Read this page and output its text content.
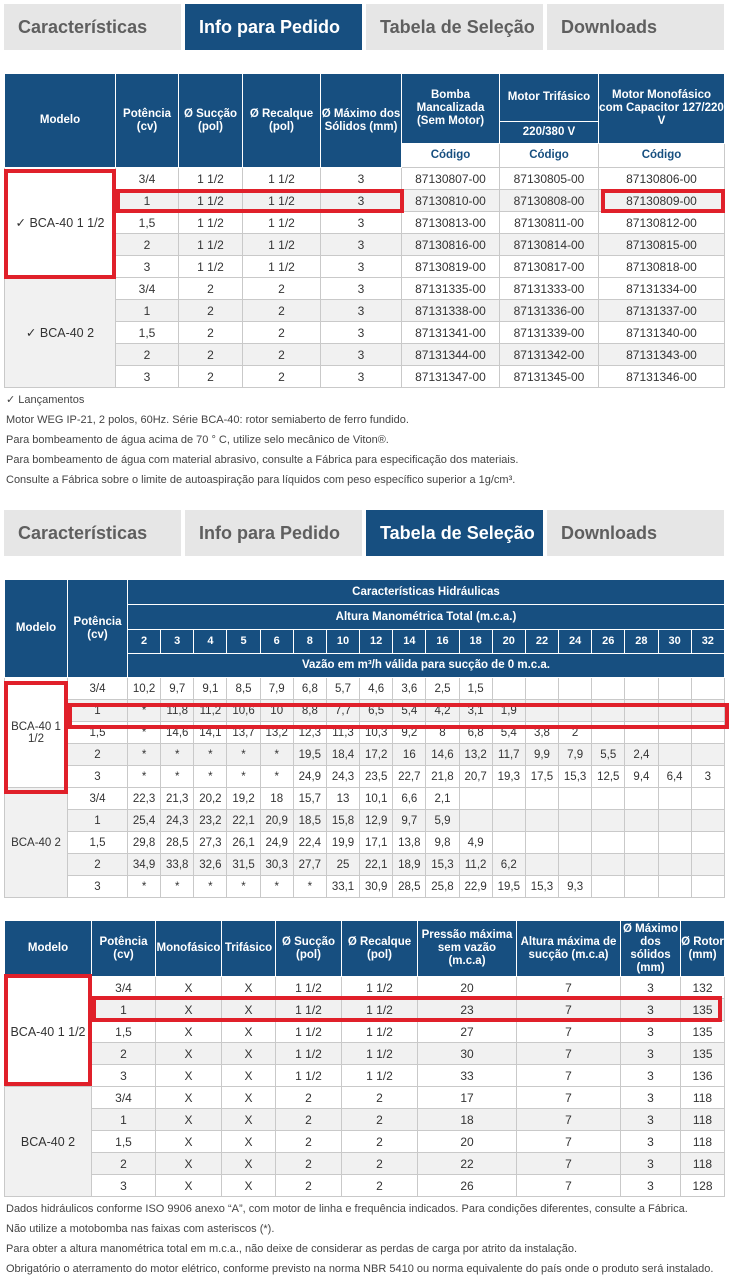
Características	Info para Pedido	Tabela de Seleção	Downloads
Modelo	Potência (cv)	Ø Sucção (pol)	Ø Recalque (pol)	Ø Máximo dos Sólidos (mm)	Bomba Mancalizada (Sem Motor)	Motor Trifásico	Motor Monofásico com Capacitor 127/220 V
						220/380 V	
					Código	Código	Código
✓ BCA-40 1 1/2	3/4	1 1/2	1 1/2	3	87130807-00	87130805-00	87130806-00
	1	1 1/2	1 1/2	3	87130810-00	87130808-00	87130809-00
	1,5	1 1/2	1 1/2	3	87130813-00	87130811-00	87130812-00
	2	1 1/2	1 1/2	3	87130816-00	87130814-00	87130815-00
	3	1 1/2	1 1/2	3	87130819-00	87130817-00	87130818-00
✓ BCA-40 2	3/4	2	2	3	87131335-00	87131333-00	87131334-00
	1	2	2	3	87131338-00	87131336-00	87131337-00
	1,5	2	2	3	87131341-00	87131339-00	87131340-00
	2	2	2	3	87131344-00	87131342-00	87131343-00
	3	2	2	3	87131347-00	87131345-00	87131346-00
✓ Lançamentos
Motor WEG IP-21, 2 polos, 60Hz. Série BCA-40: rotor semiaberto de ferro fundido.
Para bombeamento de água acima de 70 ° C, utilize selo mecânico de Viton®.
Para bombeamento de água com material abrasivo, consulte a Fábrica para especificação dos materiais.
Consulte a Fábrica sobre o limite de autoaspiração para líquidos com peso específico superior a 1g/cm³.
Características	Info para Pedido	Tabela de Seleção	Downloads
Modelo	Potência (cv)	Características Hidráulicas																	
		Altura Manométrica Total (m.c.a.)																	
		2	3	4	5	6	8	10	12	14	16	18	20	22	24	26	28	30	32
		Vazão em m³/h válida para sucção de 0 m.c.a.																	
BCA-40 1 1/2	3/4	10,2	9,7	9,1	8,5	7,9	6,8	5,7	4,6	3,6	2,5	1,5							
	1	*	11,8	11,2	10,6	10	8,8	7,7	6,5	5,4	4,2	3,1	1,9						
	1,5	*	14,6	14,1	13,7	13,2	12,3	11,3	10,3	9,2	8	6,8	5,4	3,8	2				
	2	*	*	*	*	*	19,5	18,4	17,2	16	14,6	13,2	11,7	9,9	7,9	5,5	2,4		
	3	*	*	*	*	*	24,9	24,3	23,5	22,7	21,8	20,7	19,3	17,5	15,3	12,5	9,4	6,4	3
BCA-40 2	3/4	22,3	21,3	20,2	19,2	18	15,7	13	10,1	6,6	2,1								
	1	25,4	24,3	23,2	22,1	20,9	18,5	15,8	12,9	9,7	5,9								
	1,5	29,8	28,5	27,3	26,1	24,9	22,4	19,9	17,1	13,8	9,8	4,9							
	2	34,9	33,8	32,6	31,5	30,3	27,7	25	22,1	18,9	15,3	11,2	6,2						
	3	*	*	*	*	*	*	33,1	30,9	28,5	25,8	22,9	19,5	15,3	9,3				
Modelo	Potência (cv)	Monofásico	Trifásico	Ø Sucção (pol)	Ø Recalque (pol)	Pressão máxima sem vazão (m.c.a)	Altura máxima de sucção (m.c.a)	Ø Máximo dos sólidos (mm)	Ø Rotor (mm)
BCA-40 1 1/2	3/4	X	X	1 1/2	1 1/2	20	7	3	132
	1	X	X	1 1/2	1 1/2	23	7	3	135
	1,5	X	X	1 1/2	1 1/2	27	7	3	135
	2	X	X	1 1/2	1 1/2	30	7	3	135
	3	X	X	1 1/2	1 1/2	33	7	3	136
BCA-40 2	3/4	X	X	2	2	17	7	3	118
	1	X	X	2	2	18	7	3	118
	1,5	X	X	2	2	20	7	3	118
	2	X	X	2	2	22	7	3	118
	3	X	X	2	2	26	7	3	128
Dados hidráulicos conforme ISO 9906 anexo “A”, com motor de linha e frequência indicados. Para condições diferentes, consulte a Fábrica.
Não utilize a motobomba nas faixas com asteriscos (*).
Para obter a altura manométrica total em m.c.a., não deixe de considerar as perdas de carga por atrito da instalação.
Obrigatório o aterramento do motor elétrico, conforme previsto na norma NBR 5410 ou norma equivalente do país onde o produto será instalado.
